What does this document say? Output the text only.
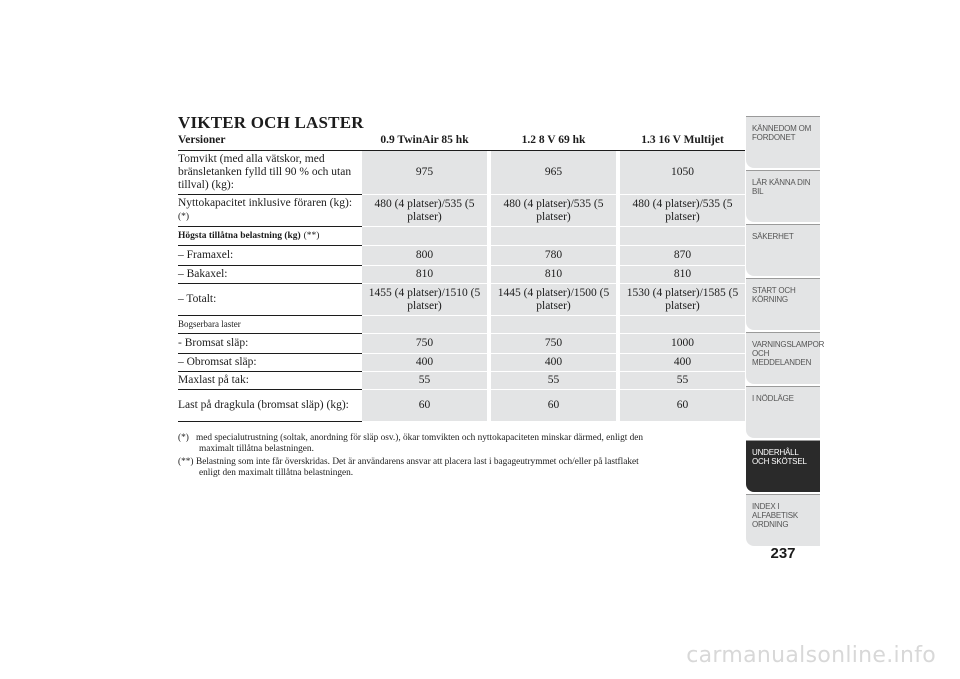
VIKTER OCH LASTER
Versioner	0.9 TwinAir 85 hk		1.2 8 V 69 hk		1.3 16 V Multijet
Tomvikt (med alla vätskor, med bränsletanken fylld till 90 % och utan tillval) (kg):	975		965		1050
Nyttokapacitet inklusive föraren (kg): (*)	480 (4 platser)/535 (5 platser)		480 (4 platser)/535 (5 platser)		480 (4 platser)/535 (5 platser)
Högsta tillåtna belastning (kg) (**)					
– Framaxel:	800		780		870
– Bakaxel:	810		810		810
– Totalt:	1455 (4 platser)/1510 (5 platser)		1445 (4 platser)/1500 (5 platser)		1530 (4 platser)/1585 (5 platser)
Bogserbara laster					
- Bromsat släp:	750		750		1000
– Obromsat släp:	400		400		400
Maxlast på tak:	55		55		55
Last på dragkula (bromsat släp) (kg):	60		60		60
(*) med specialutrustning (soltak, anordning för släp osv.), ökar tomvikten och nyttokapaciteten minskar därmed, enligt den
maximalt tillåtna belastningen.
(**) Belastning som inte får överskridas. Det är användarens ansvar att placera last i bagageutrymmet och/eller på lastflaket
enligt den maximalt tillåtna belastningen.
KÄNNEDOM OM FORDONET
LÄR KÄNNA DIN BIL
SÄKERHET
START OCH KÖRNING
VARNINGSLAMPOR OCH MEDDELANDEN
I NÖDLÄGE
UNDERHÅLL OCH SKÖTSEL
INDEX I ALFABETISK ORDNING
237
carmanualsonline.info
